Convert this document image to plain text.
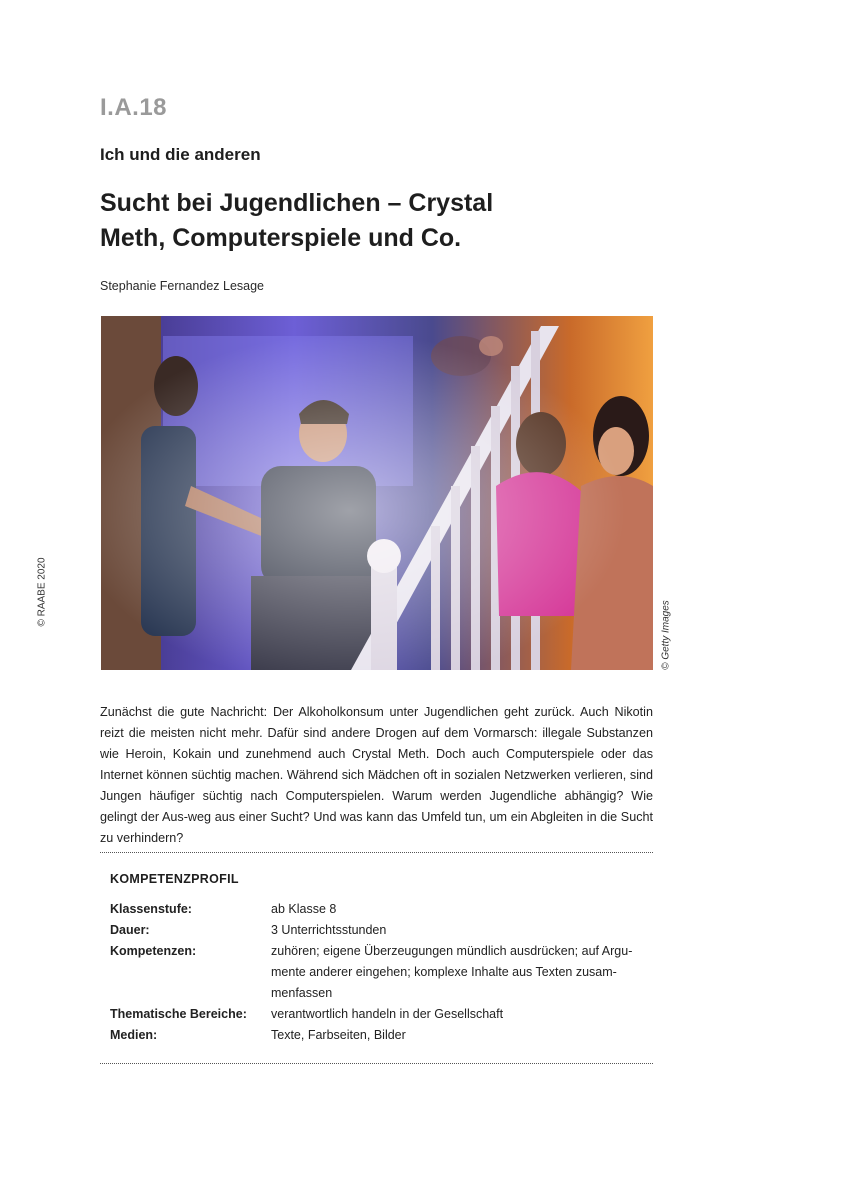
I.A.18
Ich und die anderen
Sucht bei Jugendlichen – Crystal
Meth, Computerspiele und Co.
Stephanie Fernandez Lesage
© RAABE 2020
© Getty Images

Zunächst die gute Nachricht: Der Alkoholkonsum unter Jugendlichen geht zurück. Auch Nikotin reizt die meisten nicht mehr. Dafür sind andere Drogen auf dem Vormarsch: illegale Substanzen wie Heroin, Kokain und zunehmend auch Crystal Meth. Doch auch Computerspiele oder das Internet können süchtig machen. Während sich Mädchen oft in sozialen Netzwerken verlieren, sind Jungen häufiger süchtig nach Computerspielen. Warum werden Jugendliche abhängig? Wie gelingt der Aus-weg aus einer Sucht? Und was kann das Umfeld tun, um ein Abgleiten in die Sucht zu verhindern?

KOMPETENZPROFIL
Klassenstufe:	ab Klasse 8
Dauer:	3 Unterrichtsstunden
Kompetenzen:	zuhören; eigene Überzeugungen mündlich ausdrücken; auf Argu-mente anderer eingehen; komplexe Inhalte aus Texten zusam-menfassen
Thematische Bereiche:	verantwortlich handeln in der Gesellschaft
Medien:	Texte, Farbseiten, Bilder
